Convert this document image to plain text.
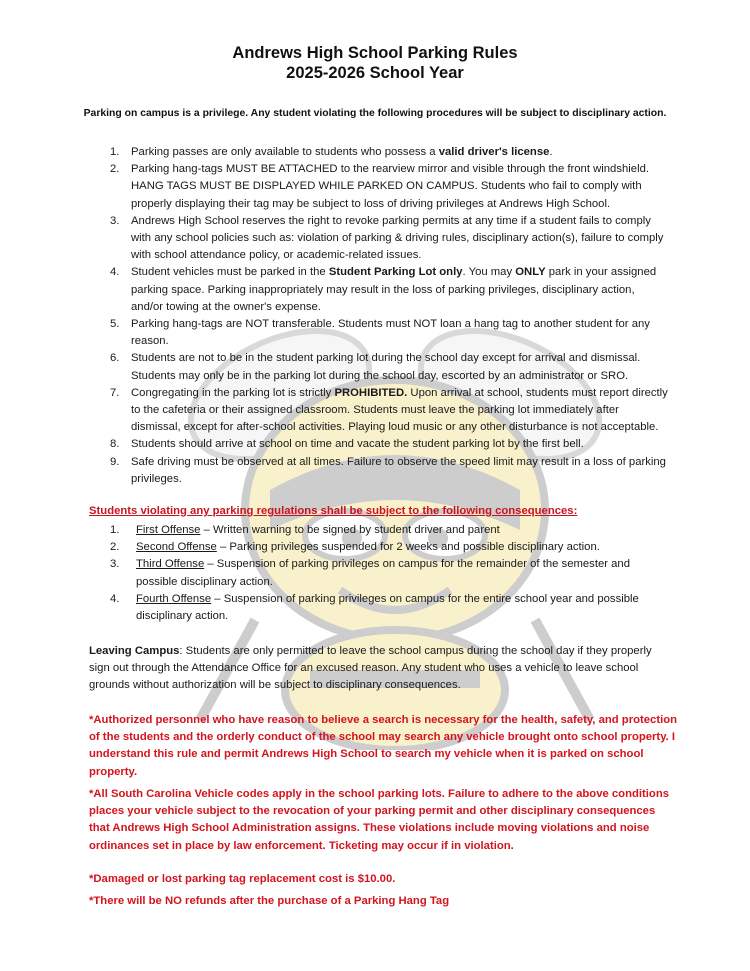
Andrews High School Parking Rules
2025-2026 School Year
Parking on campus is a privilege. Any student violating the following procedures will be subject to disciplinary action.
1. Parking passes are only available to students who possess a valid driver's license.
2. Parking hang-tags MUST BE ATTACHED to the rearview mirror and visible through the front windshield. HANG TAGS MUST BE DISPLAYED WHILE PARKED ON CAMPUS. Students who fail to comply with properly displaying their tag may be subject to loss of driving privileges at Andrews High School.
3. Andrews High School reserves the right to revoke parking permits at any time if a student fails to comply with any school policies such as: violation of parking & driving rules, disciplinary action(s), failure to comply with school attendance policy, or academic-related issues.
4. Student vehicles must be parked in the Student Parking Lot only. You may ONLY park in your assigned parking space. Parking inappropriately may result in the loss of parking privileges, disciplinary action, and/or towing at the owner's expense.
5. Parking hang-tags are NOT transferable. Students must NOT loan a hang tag to another student for any reason.
6. Students are not to be in the student parking lot during the school day except for arrival and dismissal. Students may only be in the parking lot during the school day, escorted by an administrator or SRO.
7. Congregating in the parking lot is strictly PROHIBITED. Upon arrival at school, students must report directly to the cafeteria or their assigned classroom. Students must leave the parking lot immediately after dismissal, except for after-school activities. Playing loud music or any other disturbance is not acceptable.
8. Students should arrive at school on time and vacate the student parking lot by the first bell.
9. Safe driving must be observed at all times. Failure to observe the speed limit may result in a loss of parking privileges.
Students violating any parking regulations shall be subject to the following consequences:
1. First Offense – Written warning to be signed by student driver and parent
2. Second Offense – Parking privileges suspended for 2 weeks and possible disciplinary action.
3. Third Offense – Suspension of parking privileges on campus for the remainder of the semester and possible disciplinary action.
4. Fourth Offense – Suspension of parking privileges on campus for the entire school year and possible disciplinary action.
Leaving Campus: Students are only permitted to leave the school campus during the school day if they properly sign out through the Attendance Office for an excused reason. Any student who uses a vehicle to leave school grounds without authorization will be subject to disciplinary consequences.
*Authorized personnel who have reason to believe a search is necessary for the health, safety, and protection of the students and the orderly conduct of the school may search any vehicle brought onto school property. I understand this rule and permit Andrews High School to search my vehicle when it is parked on school property.
*All South Carolina Vehicle codes apply in the school parking lots. Failure to adhere to the above conditions places your vehicle subject to the revocation of your parking permit and other disciplinary consequences that Andrews High School Administration assigns. These violations include moving violations and noise ordinances set in place by law enforcement. Ticketing may occur if in violation.
*Damaged or lost parking tag replacement cost is $10.00.
*There will be NO refunds after the purchase of a Parking Hang Tag
